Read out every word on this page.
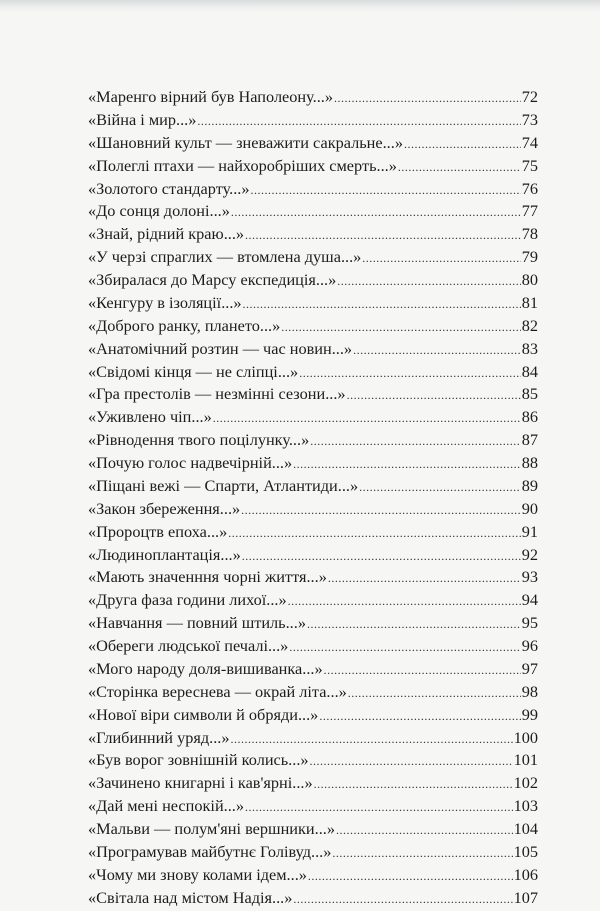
«Маренго вірний був Наполеону...» .....	72
«Війна і мир...» .....	73
«Шановний культ — зневажити сакральне...» .....	74
«Полеглі птахи — найхоробріших смерть...» .....	75
«Золотого стандарту...» .....	76
«До сонця долоні...» .....	77
«Знай, рідний краю...» .....	78
«У черзі спраглих — втомлена душа...» .....	79
«Збиралася до Марсу експедиція...» .....	80
«Кенгуру в ізоляції...» .....	81
«Доброго ранку, плането...» .....	82
«Анатомічний розтин — час новин...» .....	83
«Свідомі кінця — не сліпці...» .....	84
«Гра престолів — незмінні сезони...» .....	85
«Уживлено чіп...» .....	86
«Рівнодення твого поцілунку...» .....	87
«Почую голос надвечірній...» .....	88
«Піщані вежі — Спарти, Атлантиди...» .....	89
«Закон збереження...» .....	90
«Пророцтв епоха...» .....	91
«Людиноплантація...» .....	92
«Мають значенння чорні життя...» .....	93
«Друга фаза години лихої...» .....	94
«Навчання — повний штиль...» .....	95
«Обереги людської печалі...» .....	96
«Мого народу доля-вишиванка...» .....	97
«Сторінка вереснева — окрай літа...» .....	98
«Нової віри символи й обряди...» .....	99
«Глибинний уряд...» .....	100
«Був ворог зовнішній колись...» .....	101
«Зачинено книгарні і кав'ярні...» .....	102
«Дай мені неспокій...» .....	103
«Мальви — полум'яні вершники...» .....	104
«Програмував майбутнє Голівуд...» .....	105
«Чому ми знову колами ідем...» .....	106
«Світала над містом Надія...» .....	107
